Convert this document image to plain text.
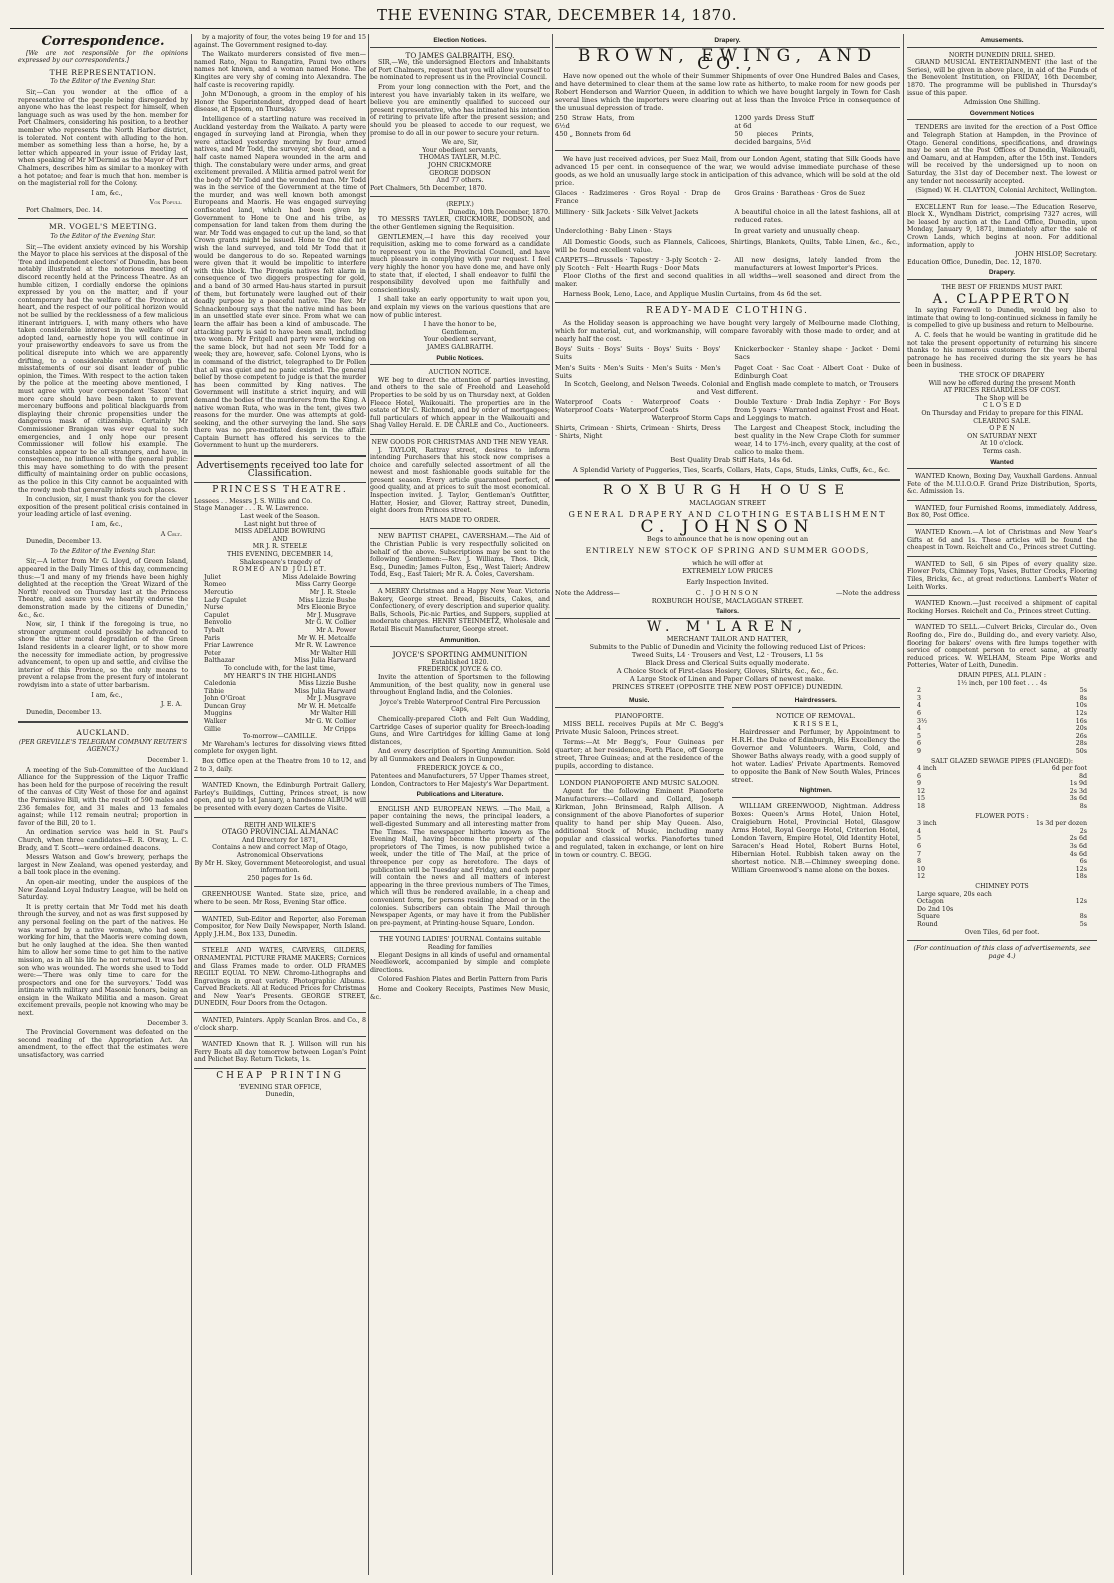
THE EVENING STAR, DECEMBER 14, 1870.
Correspondence.

[We are not responsible for the opinions expressed by our correspondents.]

THE REPRESENTATION.
To the Editor of the Evening Star.

Sir,—Can you wonder at the office of a representative of the people being disregarded by anyone who has the least respect for himself, when language such as was used by the hon. member for Port Chalmers, considering his position, to a brother member who represents the North Harbor district, is tolerated. Not content with alluding to the hon. member as something less than a horse, he, by a letter which appeared in your issue of Friday last, when speaking of Mr M'Dermid as the Mayor of Port Chalmers, describes him as similar to a monkey with a hot potatoe; and fear is much that hon. member is on the magisterial roll for the Colony.

I am, &c.,

Vox Populi.

Port Chalmers, Dec. 14.

MR. VOGEL'S MEETING.
To the Editor of the Evening Star.

Sir,—The evident anxiety evinced by his Worship the Mayor to place his services at the disposal of the 'free and independent electors' of Dunedin, has been notably illustrated at the notorious meeting of discord recently held at the Princess Theatre. As an humble citizen, I cordially endorse the opinions expressed by you on the matter, and if your contemporary had the welfare of the Province at heart, and the respect of our political horizon would not be sullied by the recklessness of a few malicious itinerant intriguers. I, with many others who have taken considerable interest in the welfare of our adopted land, earnestly hope you will continue in your praiseworthy endeavors to save us from the political disrepute into which we are apparently drifting, to a considerable extent through the misstatements of our soi disant leader of public opinion, the Times. With respect to the action taken by the police at the meeting above mentioned, I must agree with your correspondent 'Saxon' that more care should have been taken to prevent mercenary buffoons and political blackguards from displaying their chronic propensities under the dangerous mask of citizenship. Certainly Mr Commissioner Branigan was ever equal to such emergencies, and I only hope our present Commissioner will follow his example. The constables appear to be all strangers, and have, in consequence, no influence with the general public: this may have something to do with the present difficulty of maintaining order on public occasions, as the police in this City cannot be acquainted with the rowdy mob that generally infests such places.

In conclusion, sir, I must thank you for the clever exposition of the present political crisis contained in your leading article of last evening.

I am, &c.,

A Celt.

Dunedin, December 13.

To the Editor of the Evening Star.

Sir,—A letter from Mr G. Lloyd, of Green Island, appeared in the Daily Times of this day, commencing thus:—'I and many of my friends have been highly delighted at the reception the 'Great Wizard of the North' received on Thursday last at the Princess Theatre, and assure you we heartily endorse the demonstration made by the citizens of Dunedin,' &c., &c.

Now, sir, I think if the foregoing is true, no stronger argument could possibly be advanced to show the utter moral degradation of the Green Island residents in a clearer light, or to show more the necessity for immediate action, by progressive advancement, to open up and settle, and civilise the interior of this Province, so the only means to prevent a relapse from the present fury of intolerant rowdyism into a state of utter barbarism.

I am, &c.,

J. E. A.

Dunedin, December 13.

AUCKLAND.
(PER GREVILLE'S TELEGRAM COMPANY REUTER'S AGENCY.)

December 1.

A meeting of the Sub-Committee of the Auckland Alliance for the Suppression of the Liquor Traffic has been held for the purpose of receiving the result of the canvas of City West of those for and against the Permissive Bill, with the result of 590 males and 236 females for, and 31 males and 13 females against; while 112 remain neutral; proportion in favor of the Bill, 20 to 1.

An ordination service was held in St. Paul's Church, when three candidates—E. R. Otway, L. C. Brady, and T. Scott—were ordained deacons.

Messrs Watson and Gow's brewery, perhaps the largest in New Zealand, was opened yesterday, and a ball took place in the evening.

An open-air meeting, under the auspices of the New Zealand Loyal Industry League, will be held on Saturday.

It is pretty certain that Mr Todd met his death through the survey, and not as was first supposed by any personal feeling on the part of the natives. He was warned by a native woman, who had seen working for him, that the Maoris were coming down, but he only laughed at the idea. She then wanted him to allow her some time to get him to the native mission, as in all his life he not returned. It was her son who was wounded. The words she used to Todd were:—'There was only time to care for the prospectors and one for the surveyors.' Todd was intimate with military and Masonic honors, being an ensign in the Waikato Militia and a mason. Great excitement prevails, people not knowing who may be next.

December 3.

The Provincial Government was defeated on the second reading of the Appropriation Act. An amendment, to the effect that the estimates were unsatisfactory, was carried

by a majority of four, the votes being 19 for and 15 against. The Government resigned to-day.

The Waikato murderers consisted of five men—named Rato, Ngau to Rangatira, Pauni two others names not known, and a woman named Hone. The Kingites are very shy of coming into Alexandra. The half caste is recovering rapidly.

John M'Donough, a groom in the employ of his Honor the Superintendent, dropped dead of heart disease, at Epsom, on Thursday.

Intelligence of a startling nature was received in Auckland yesterday from the Waikato. A party were engaged in surveying land at Pirongia, when they were attacked yesterday morning by four armed natives, and Mr Todd, the surveyor, shot dead, and a half caste named Napera wounded in the arm and thigh. The constabulary were under arms, and great excitement prevailed. A Militia armed patrol went for the body of Mr Todd and the wounded man. Mr Todd was in the service of the Government at the time of the murder, and was well known both amongst Europeans and Maoris. He was engaged surveying confiscated land, which had been given by Government to Hone te One and his tribe, as compensation for land taken from them during the war. Mr Todd was engaged to cut up the land, so that Crown grants might be issued. Hone te One did not wish the land surveyed, and told Mr Todd that it would be dangerous to do so. Repeated warnings were given that it would be impolitic to interfere with this block. The Pirongia natives felt alarm in consequence of two diggers prospecting for gold, and a band of 30 armed Hau-haus started in pursuit of them, but fortunately were laughed out of their deadly purpose by a peaceful native. The Rev. Mr Schnackenbourg says that the native mind has been in an unsettled state ever since. From what we can learn the affair has been a kind of ambuscade. The attacking party is said to have been small, including two women. Mr Fritgell and party were working on the same block, but had not seen Mr Todd for a week; they are, however, safe. Colonel Lyons, who is in command of the district, telegraphed to Dr Pollen that all was quiet and no panic existed. The general belief by those competent to judge is that the murder has been committed by King natives. The Government will institute a strict inquiry, and will demand the bodies of the murderers from the King. A native woman Ruta, who was in the tent, gives two reasons for the murder. One was attempts at gold-seeking, and the other surveying the land. She says there was no pre-meditated design in the affair. Captain Burnett has offered his services to the Government to hunt up the murderers.

Advertisements received too late for Classification.
PRINCESS THEATRE.
Lessees . . Messrs J. S. Willis and Co.
Stage Manager . . . R. W. Lawrence.
Last week of the Season.
Last night but three of
MISS ADELAIDE BOWRING
AND
MR J. R. STEELE
THIS EVENING, DECEMBER 14,
Shakespeare's tragedy of
ROMEO AND JULIET.
Juliet	Miss Adelaide Bowring
Romeo	Miss Carry George
Mercutio	Mr J. R. Steele
Lady Capulet	Miss Lizzie Bushe
Nurse	Mrs Eleonie Bryce
Capulet	Mr J. Musgrave
Benvolio	Mr G. W. Collier
Tybalt	Mr A. Power
Paris	Mr W. H. Metcalfe
Friar Lawrence	Mr R. W. Lawrence
Peter	Mr Walter Hill
Balthazar	Miss Julia Harward
To conclude with, for the last time,
MY HEART'S IN THE HIGHLANDS
Caledonia	Miss Lizzie Bushe
Tibbie	Miss Julia Harward
John O'Groat	Mr J. Musgrave
Duncan Gray	Mr W. H. Metcalfe
Muggins	Mr Walter Hill
Walker	Mr G. W. Collier
Gillie	Mr Cripps
To-morrow—CAMILLE.

Mr Wareham's lectures for dissolving views fitted complete for oxygen light.

Box Office open at the Theatre from 10 to 12, and 2 to 3, daily.

WANTED Known, the Edinburgh Portrait Gallery, Farley's Buildings, Cutting, Princes street, is now open, and up to 1st January, a handsome ALBUM will be presented with every dozen Cartes de Visite.

REITH AND WILKIE'S
OTAGO PROVINCIAL ALMANAC
And Directory for 1871,
Contains a new and correct Map of Otago, Astronomical Observations
By Mr H. Skey, Government Meteorologist, and usual information.
250 pages for 1s 6d.

GREENHOUSE Wanted. State size, price, and where to be seen. Mr Ross, Evening Star office.

WANTED, Sub-Editor and Reporter, also Foreman Compositor, for New Daily Newspaper, North Island. Apply J.H.M., Box 133, Dunedin.

STEELE AND WATES, CARVERS, GILDERS, ORNAMENTAL PICTURE FRAME MAKERS; Cornices and Glass Frames made to order. OLD FRAMES REGILT EQUAL TO NEW. Chromo-Lithographs and Engravings in great variety. Photographic Albums. Carved Brackets. All at Reduced Prices for Christmas and New Year's Presents. GEORGE STREET, DUNEDIN, Four Doors from the Octagon.

WANTED, Painters. Apply Scanlan Bros. and Co., 8 o'clock sharp.

WANTED Known that R. J. Willson will run his Ferry Boats all day tomorrow between Logan's Point and Pelichet Bay. Return Tickets, 1s.

CHEAP PRINTING
'EVENING STAR OFFICE,
Dunedin,
Election Notices.
TO JAMES GALBRAITH, ESQ.

SIR,—We, the undersigned Electors and Inhabitants of Port Chalmers, request that you will allow yourself to be nominated to represent us in the Provincial Council.

From your long connection with the Port, and the interest you have invariably taken in its welfare, we believe you are eminently qualified to succeed our present representative, who has intimated his intention of retiring to private life after the present session; and should you be pleased to accede to our request, we promise to do all in our power to secure your return.

We are, Sir,
Your obedient servants,
THOMAS TAYLER, M.P.C.
JOHN CRICKMORE
GEORGE DODSON
And 77 others.
Port Chalmers, 5th December, 1870.
(REPLY.)
Dunedin, 10th December, 1870.

TO MESSRS TAYLER, CRICKMORE, DODSON, and the other Gentlemen signing the Requisition.

GENTLEMEN,—I have this day received your requisition, asking me to come forward as a candidate to represent you in the Provincial Council, and have much pleasure in complying with your request. I feel very highly the honor you have done me, and have only to state that, if elected, I shall endeavor to fulfil the responsibility devolved upon me faithfully and conscientiously.

I shall take an early opportunity to wait upon you, and explain my views on the various questions that are now of public interest.

I have the honor to be,
Gentlemen,
Your obedient servant,
JAMES GALBRAITH.
Public Notices.
AUCTION NOTICE.

WE beg to direct the attention of parties investing, and others to the sale of Freehold and Leasehold Properties to be sold by us on Thursday next, at Golden Fleece Hotel, Waikouaiti. The properties are in the estate of Mr C. Richmond, and by order of mortgagees; full particulars of which appear in the Waikouaiti and Shag Valley Herald. E. DE CARLE and Co., Auctioneers.

NEW GOODS FOR CHRISTMAS AND THE NEW YEAR.

J. TAYLOR, Rattray street, desires to inform intending Purchasers that his stock now comprises a choice and carefully selected assortment of all the newest and most fashionable goods suitable for the present season. Every article guaranteed perfect, of good quality, and at prices to suit the most economical. Inspection invited. J. Taylor, Gentleman's Outfitter, Hatter, Hosier, and Glover, Rattray street, Dunedin, eight doors from Princes street.

HATS MADE TO ORDER.

NEW BAPTIST CHAPEL, CAVERSHAM.—The Aid of the Christian Public is very respectfully solicited on behalf of the above. Subscriptions may be sent to the following Gentlemen:—Rev. J. Williams, Thos. Dick, Esq., Dunedin; James Fulton, Esq., West Taieri; Andrew Todd, Esq., East Taieri; Mr R. A. Coles, Caversham.

A MERRY Christmas and a Happy New Year. Victoria Bakery, George street. Bread, Biscuits, Cakes, and Confectionery, of every description and superior quality. Balls, Schools, Pic-nic Parties, and Suppers, supplied at moderate charges. HENRY STEINMETZ, Wholesale and Retail Biscuit Manufacturer, George street.

Ammunition.
JOYCE'S SPORTING AMMUNITION
Established 1820.
FREDERICK JOYCE & CO.

Invite the attention of Sportsmen to the following Ammunition, of the best quality, now in general use throughout England India, and the Colonies.

Joyce's Treble Waterproof Central Fire Percussion Caps,

Chemically-prepared Cloth and Felt Gun Wadding, Cartridge Cases of superior quality for Breech-loading Guns, and Wire Cartridges for killing Game at long distances,

And every description of Sporting Ammunition. Sold by all Gunmakers and Dealers in Gunpowder.

FREDERICK JOYCE & CO.,

Patentees and Manufacturers, 57 Upper Thames street, London, Contractors to Her Majesty's War Department.

Publications and Literature.

ENGLISH AND EUROPEAN NEWS. —The Mail, a paper containing the news, the principal leaders, a well-digested Summary and all interesting matter from The Times. The newspaper hitherto known as The Evening Mail, having become the property of the proprietors of The Times, is now published twice a week, under the title of The Mail, at the price of threepence per copy as heretofore. The days of publication will be Tuesday and Friday, and each paper will contain the news and all matters of interest appearing in the three previous numbers of The Times, which will thus be rendered available, in a cheap and convenient form, for persons residing abroad or in the colonies. Subscribers can obtain The Mail through Newspaper Agents, or may have it from the Publisher on pre-payment, at Printing-house Square, London.

THE YOUNG LADIES' JOURNAL Contains suitable
Reading for families

Elegant Designs in all kinds of useful and ornamental Needlework, accompanied by simple and complete directions.

Colored Fashion Plates and Berlin Pattern from Paris

Home and Cookery Receipts, Pastimes New Music, &c.

Drapery.
BROWN, EWING, AND CO.,

Have now opened out the whole of their Summer Shipments of over One Hundred Bales and Cases, and have determined to clear them at the same low rate as hitherto, to make room for new goods per Robert Henderson and Warrior Queen, in addition to which we have bought largely in Town for Cash several lines which the importers were clearing out at less than the Invoice Price in consequence of the unusual depression of trade.

250 Straw Hats, from 6½d
450 „ Bonnets from 6d
1200 yards Dress Stuff at 6d
50 pieces Prints, decided bargains, 5½d

We have just received advices, per Suez Mail, from our London Agent, stating that Silk Goods have advanced 15 per cent. in consequence of the war, we would advise immediate purchase of these goods, as we hold an unusually large stock in anticipation of this advance, which will be sold at the old price.

Glaces · Radzimeres · Gros Royal · Drap de France
Gros Grains · Baratheas · Gros de Suez
Millinery · Silk Jackets · Silk Velvet Jackets	A beautiful choice in all the latest fashions, all at reduced rates.
Underclothing · Baby Linen · Stays	In great variety and unusually cheap.

All Domestic Goods, such as Flannels, Calicoes, Shirtings, Blankets, Quilts, Table Linen, &c., &c., will be found excellent value.

CARPETS—Brussels · Tapestry · 3-ply Scotch · 2-ply Scotch · Felt · Hearth Rugs · Door Mats
All new designs, lately landed from the manufacturers at lowest Importer's Prices.

Floor Cloths of the first and second qualities in all widths—well seasoned and direct from the maker.

Harness Book, Leno, Lace, and Applique Muslin Curtains, from 4s 6d the set.

READY-MADE CLOTHING.

As the Holiday season is approaching we have bought very largely of Melbourne made Clothing, which for material, cut, and workmanship, will compare favorably with those made to order, and at nearly half the cost.

Boys' Suits · Boys' Suits · Boys' Suits · Boys' Suits
Knickerbocker · Stanley shape · Jacket · Demi Sacs
Men's Suits · Men's Suits · Men's Suits · Men's Suits
Paget Coat · Sac Coat · Albert Coat · Duke of Edinburgh Coat

In Scotch, Geelong, and Nelson Tweeds. Colonial and English made complete to match, or Trousers and Vest different.

Waterproof Coats · Waterproof Coats · Waterproof Coats · Waterproof Coats
Double Texture · Drab India Zephyr · For Boys from 5 years · Warranted against Frost and Heat.

Waterproof Storm Caps and Leggings to match.

Shirts, Crimean · Shirts, Crimean · Shirts, Dress · Shirts, Night
The Largest and Cheapest Stock, including the best quality in the New Crape Cloth for summer wear, 14 to 17½-inch, every quality, at the cost of calico to make them.

Best Quality Drab Stiff Hats, 14s 6d.

A Splendid Variety of Puggeries, Ties, Scarfs, Collars, Hats, Caps, Studs, Links, Cuffs, &c., &c.

ROXBURGH HOUSE
MACLAGGAN STREET
GENERAL DRAPERY AND CLOTHING ESTABLISHMENT
C. JOHNSON
Begs to announce that he is now opening out an
ENTIRELY NEW STOCK OF SPRING AND SUMMER GOODS,
which he will offer at
EXTREMELY LOW PRICES
Early Inspection Invited.
Note the Address—	C. JOHNSON	—Note the address
ROXBURGH HOUSE, MACLAGGAN STREET.
Tailors.
W. M'LAREN,
MERCHANT TAILOR AND HATTER,
Submits to the Public of Dunedin and Vicinity the following reduced List of Prices:
Tweed Suits, L4 · Trousers and Vest, L2 · Trousers, L1 5s
Black Dress and Clerical Suits equally moderate.
A Choice Stock of First-class Hosiery, Gloves, Shirts, &c., &c., &c.
A Large Stock of Linen and Paper Collars of newest make.
PRINCES STREET (OPPOSITE THE NEW POST OFFICE) DUNEDIN.
Music.
PIANOFORTE.

MISS BELL receives Pupils at Mr C. Begg's Private Music Saloon, Princes street.

Terms:—At Mr Begg's, Four Guineas per quarter; at her residence, Forth Place, off George street, Three Guineas; and at the residence of the pupils, according to distance.

LONDON PIANOFORTE AND MUSIC SALOON.

Agent for the following Eminent Pianoforte Manufacturers:—Collard and Collard, Joseph Kirkman, John Brinsmead, Ralph Allison. A consignment of the above Pianofortes of superior quality to hand per ship May Queen. Also, additional Stock of Music, including many popular and classical works. Pianofortes tuned and regulated, taken in exchange, or lent on hire in town or country. C. BEGG.

Hairdressers.
NOTICE OF REMOVAL.
K R I S S E L,

Hairdresser and Perfumer, by Appointment to H.R.H. the Duke of Edinburgh, His Excellency the Governor and Volunteers. Warm, Cold, and Shower Baths always ready, with a good supply of hot water. Ladies' Private Apartments. Removed to opposite the Bank of New South Wales, Princes street.

Nightmen.

WILLIAM GREENWOOD, Nightman. Address Boxes: Queen's Arms Hotel, Union Hotel, Craigieburn Hotel, Provincial Hotel, Glasgow Arms Hotel, Royal George Hotel, Criterion Hotel, London Tavern, Empire Hotel, Old Identity Hotel, Saracen's Head Hotel, Robert Burns Hotel, Hibernian Hotel. Rubbish taken away on the shortest notice. N.B.—Chimney sweeping done. William Greenwood's name alone on the boxes.

Amusements.
NORTH DUNEDIN DRILL SHED.

GRAND MUSICAL ENTERTAINMENT (the last of the Series), will be given in above place, in aid of the Funds of the Benevolent Institution, on FRIDAY, 16th December, 1870. The programme will be published in Thursday's issue of this paper.

Admission One Shilling.
Government Notices

TENDERS are invited for the erection of a Post Office and Telegraph Station at Hampden, in the Province of Otago. General conditions, specifications, and drawings may be seen at the Post Offices of Dunedin, Waikouaiti, and Oamaru, and at Hampden, after the 15th inst. Tenders will be received by the undersigned up to noon on Saturday, the 31st day of December next. The lowest or any tender not necessarily accepted.

(Signed) W. H. CLAYTON, Colonial Architect, Wellington.

EXCELLENT Run for lease.—The Education Reserve, Block X., Wyndham District, comprising 7327 acres, will be leased by auction at the Land Office, Dunedin, upon Monday, January 9, 1871, immediately after the sale of Crown Lands, which begins at noon. For additional information, apply to

JOHN HISLOP, Secretary.
Education Office, Dunedin, Dec. 12, 1870.
Drapery.
THE BEST OF FRIENDS MUST PART.
A. CLAPPERTON

In saying Farewell to Dunedin, would beg also to intimate that owing to long-continued sickness in family he is compelled to give up business and return to Melbourne.

A. C. feels that he would be wanting in gratitude did he not take the present opportunity of returning his sincere thanks to his numerous customers for the very liberal patronage he has received during the six years he has been in business.

THE STOCK OF DRAPERY
Will now be offered during the present Month
AT PRICES REGARDLESS OF COST.
The Shop will be
C L O S E D
On Thursday and Friday to prepare for this FINAL CLEARING SALE.
O P E N
ON SATURDAY NEXT
At 10 o'clock.
Terms cash.
Wanted

WANTED Known, Boxing Day, Vauxhall Gardens. Annual Fete of the M.U.I.O.O.F. Grand Prize Distribution, Sports, &c. Admission 1s.

WANTED, four Furnished Rooms, immediately. Address, Box 80, Post Office.

WANTED Known.—A lot of Christmas and New Year's Gifts at 6d and 1s. These articles will be found the cheapest in Town. Reichelt and Co., Princes street Cutting.

WANTED to Sell, 6 sin Pipes of every quality size. Flower Pots, Chimney Tops, Vases, Butter Crocks, Flooring Tiles, Bricks, &c., at great reductions. Lambert's Water of Leith Works.

WANTED Known.—Just received a shipment of capital Rocking Horses. Reichelt and Co., Princes street Cutting.

WANTED TO SELL.—Culvert Bricks, Circular do., Oven Roofing do., Fire do., Building do., and every variety. Also, flooring for bakers' ovens with fire lumps together with service of competent person to erect same, at greatly reduced prices. W. WELHAM, Steam Pipe Works and Potteries, Water of Leith, Dunedin.

DRAIN PIPES, ALL PLAIN :
1½ inch, per 100 feet . . . 4s
2	5s
3	8s
4	10s
6	12s
3½	16s
4	20s
5	26s
6	28s
9	50s
SALT GLAZED SEWAGE PIPES (FLANGED):
4 inch	6d per foot
6	8d
9	1s 9d
12	2s 3d
15	3s 6d
18	8s
FLOWER POTS :
3 inch	1s 3d per dozen
4	2s
5	2s 6d
6	3s 6d
7	4s 6d
8	6s
10	12s
12	18s
CHIMNEY POTS
Large square, 20s each
Octagon	12s
Do 2nd 10s
Square	8s
Round	5s
Oven Tiles, 6d per foot.
(For continuation of this class of advertisements, see page 4.)
